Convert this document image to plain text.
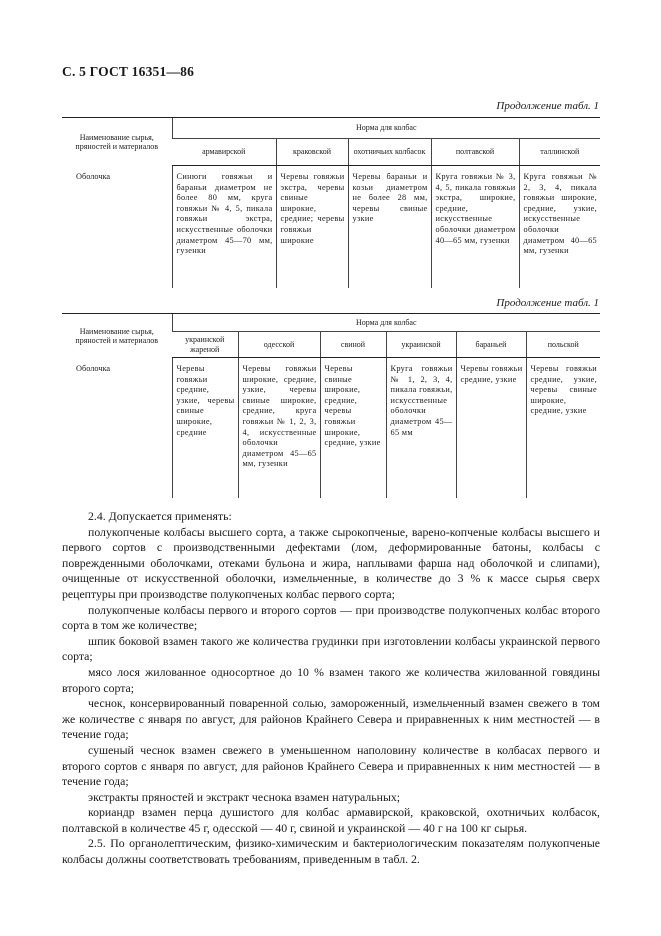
С. 5 ГОСТ 16351—86
Продолжение табл. 1
Наименование сырья, пряностей и материалов	Норма для колбас				
	армавирской	краковской	охотничьих колбасок	полтавской	таллинской
Оболочка	Синюги говяжьи и бараньи диаметром не более 80 мм, круга говяжьи № 4, 5, пикала говяжьи экстра, искусственные оболочки диаметром 45—70 мм, гузенки	Черевы говяжьи экстра, черевы свиные широкие, средние; черевы говяжьи широкие	Черевы бараньи и козьи диаметром не более 28 мм, черевы свиные узкие	Круга говяжьи № 3, 4, 5, пикала говяжьи экстра, широкие, средние, искусственные оболочки диаметром 40—65 мм, гузенки	Круга говяжьи № 2, 3, 4, пикала говяжьи широкие, средние, узкие, искусственные оболочки диаметром 40—65 мм, гузенки
Продолжение табл. 1
Наименование сырья, пряностей и материалов	Норма для колбас					
	украинской жареной	одесской	свиной	украинской	бараньей	польской
Оболочка	Черевы говяжьи средние, узкие, черевы свиные широкие, средние	Черевы говяжьи широкие, средние, узкие, черевы свиные широкие, средние, круга говяжьи № 1, 2, 3, 4, искусственные оболочки диаметром 45—65 мм, гузенки	Черевы свиные широкие, средние, черевы говяжьи широкие, средние, узкие	Круга говяжьи № 1, 2, 3, 4, пикала говяжьи, искусственные оболочки диаметром 45—65 мм	Черевы говяжьи средние, узкие	Черевы говяжьи средние, узкие, черевы свиные широкие, средние, узкие

2.4. Допускается применять:

полукопченые колбасы высшего сорта, а также сырокопченые, варено-копченые колбасы высшего и первого сортов с производственными дефектами (лом, деформированные батоны, колбасы с поврежденными оболочками, отеками бульона и жира, наплывами фарша над оболочкой и слипами), очищенные от искусственной оболочки, измельченные, в количестве до 3 % к массе сырья сверх рецептуры при производстве полукопченых колбас первого сорта;

полукопченые колбасы первого и второго сортов — при производстве полукопченых колбас второго сорта в том же количестве;

шпик боковой взамен такого же количества грудинки при изготовлении колбасы украинской первого сорта;

мясо лося жилованное односортное до 10 % взамен такого же количества жилованной говядины второго сорта;

чеснок, консервированный поваренной солью, замороженный, измельченный взамен свежего в том же количестве с января по август, для районов Крайнего Севера и приравненных к ним местностей — в течение года;

сушеный чеснок взамен свежего в уменьшенном наполовину количестве в колбасах первого и второго сортов с января по август, для районов Крайнего Севера и приравненных к ним местностей — в течение года;

экстракты пряностей и экстракт чеснока взамен натуральных;

кориандр взамен перца душистого для колбас армавирской, краковской, охотничьих колбасок, полтавской в количестве 45 г, одесской — 40 г, свиной и украинской — 40 г на 100 кг сырья.

2.5. По органолептическим, физико-химическим и бактериологическим показателям полукопченые колбасы должны соответствовать требованиям, приведенным в табл. 2.
